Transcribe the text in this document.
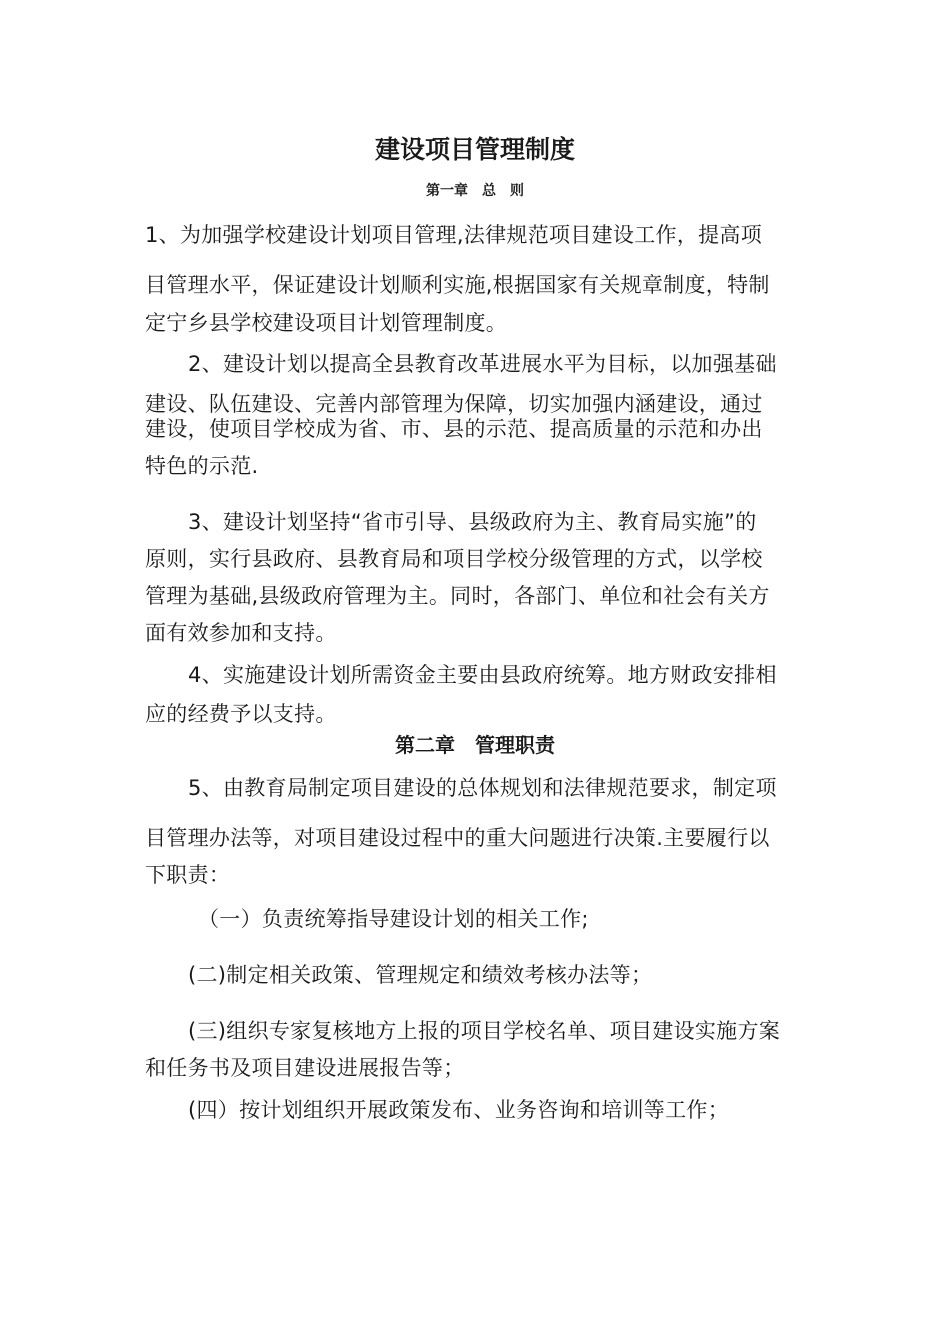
建设项目管理制度
第一章　总　则
1、为加强学校建设计划项目管理,法律规范项目建设工作，提高项
目管理水平，保证建设计划顺利实施,根据国家有关规章制度，特制
定宁乡县学校建设项目计划管理制度。
2、建设计划以提高全县教育改革进展水平为目标，以加强基础
建设、队伍建设、完善内部管理为保障，切实加强内涵建设，通过
建设，使项目学校成为省、市、县的示范、提高质量的示范和办出
特色的示范.
3、建设计划坚持“省市引导、县级政府为主、教育局实施”的
原则，实行县政府、县教育局和项目学校分级管理的方式，以学校
管理为基础,县级政府管理为主。同时，各部门、单位和社会有关方
面有效参加和支持。
4、实施建设计划所需资金主要由县政府统筹。地方财政安排相
应的经费予以支持。
第二章　管理职责
5、由教育局制定项目建设的总体规划和法律规范要求，制定项
目管理办法等，对项目建设过程中的重大问题进行决策.主要履行以
下职责：
（一）负责统筹指导建设计划的相关工作;
(二)制定相关政策、管理规定和绩效考核办法等；
(三)组织专家复核地方上报的项目学校名单、项目建设实施方案
和任务书及项目建设进展报告等；
(四）按计划组织开展政策发布、业务咨询和培训等工作；
